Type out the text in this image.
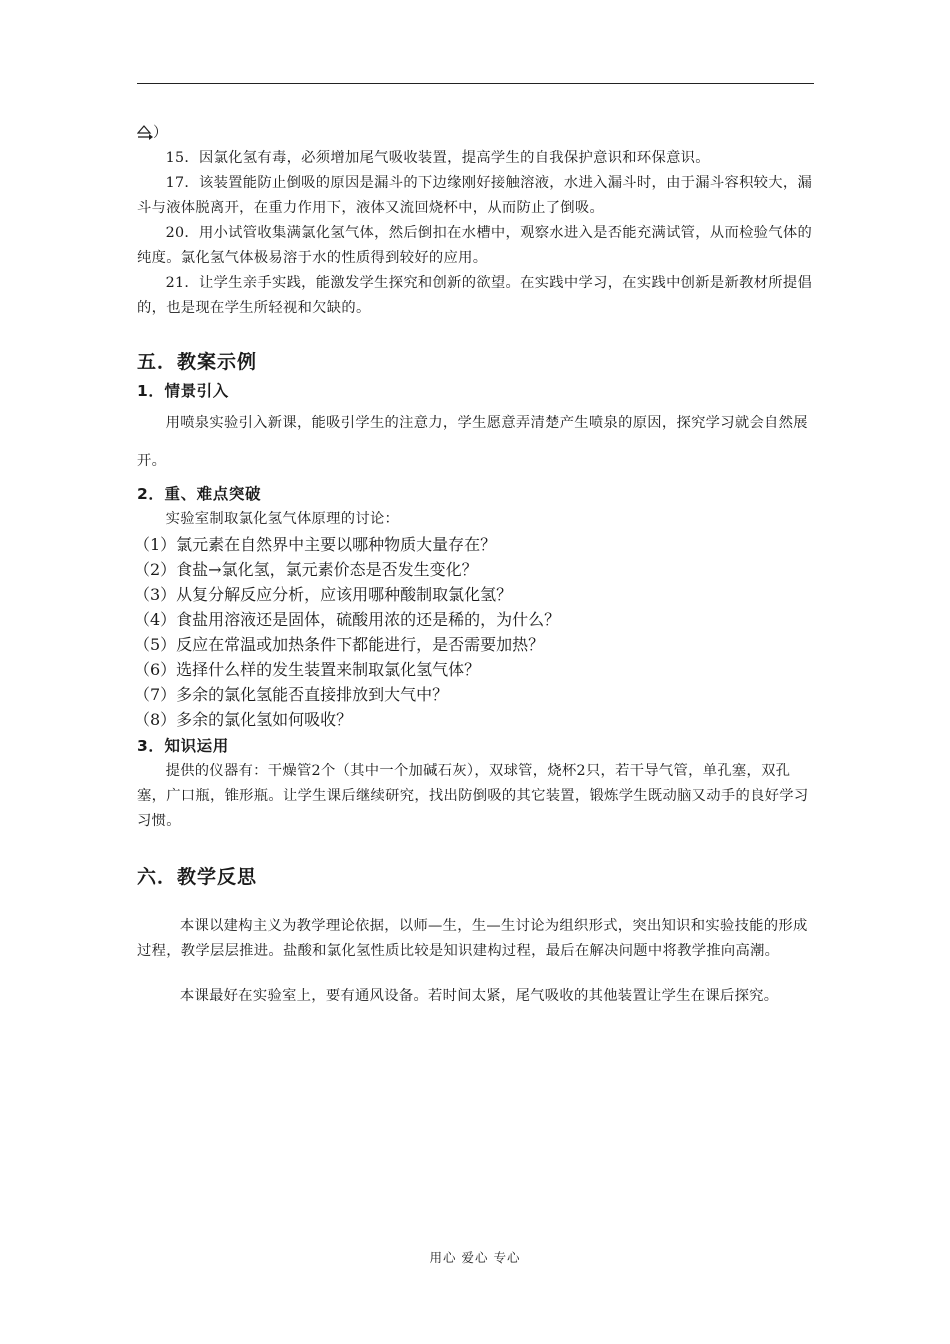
）

15．因氯化氢有毒，必须增加尾气吸收装置，提高学生的自我保护意识和环保意识。

17．该装置能防止倒吸的原因是漏斗的下边缘刚好接触溶液，水进入漏斗时，由于漏斗容积较大，漏斗与液体脱离开，在重力作用下，液体又流回烧杯中，从而防止了倒吸。

20．用小试管收集满氯化氢气体，然后倒扣在水槽中，观察水进入是否能充满试管，从而检验气体的纯度。氯化氢气体极易溶于水的性质得到较好的应用。

21．让学生亲手实践，能激发学生探究和创新的欲望。在实践中学习，在实践中创新是新教材所提倡的，也是现在学生所轻视和欠缺的。

五．教案示例
1．情景引入

用喷泉实验引入新课，能吸引学生的注意力，学生愿意弄清楚产生喷泉的原因，探究学习就会自然展开。

2．重、难点突破

实验室制取氯化氢气体原理的讨论：

（1）氯元素在自然界中主要以哪种物质大量存在？
（2）食盐→氯化氢，氯元素价态是否发生变化？
（3）从复分解反应分析，应该用哪种酸制取氯化氢？
（4）食盐用溶液还是固体，硫酸用浓的还是稀的，为什么？
（5）反应在常温或加热条件下都能进行，是否需要加热？
（6）选择什么样的发生装置来制取氯化氢气体？
（7）多余的氯化氢能否直接排放到大气中？
（8）多余的氯化氢如何吸收？
3．知识运用

提供的仪器有：干燥管2个（其中一个加碱石灰），双球管，烧杯2只，若干导气管，单孔塞，双孔塞，广口瓶，锥形瓶。让学生课后继续研究，找出防倒吸的其它装置，锻炼学生既动脑又动手的良好学习习惯。

六．教学反思

本课以建构主义为教学理论依据，以师—生，生—生讨论为组织形式，突出知识和实验技能的形成过程，教学层层推进。盐酸和氯化氢性质比较是知识建构过程，最后在解决问题中将教学推向高潮。

本课最好在实验室上，要有通风设备。若时间太紧，尾气吸收的其他装置让学生在课后探究。

用心 爱心 专心
